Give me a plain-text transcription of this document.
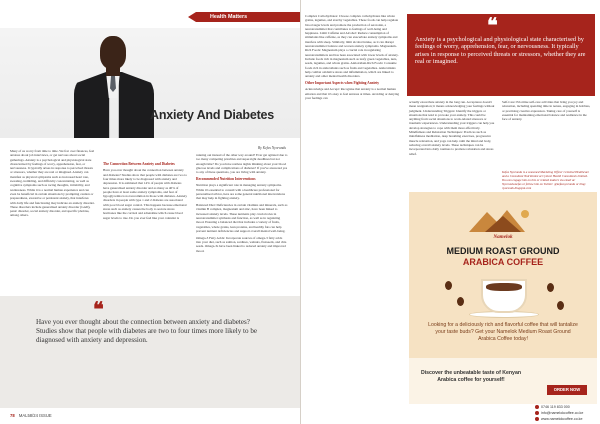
Health Matters
Anxiety And Diabetes
By Kefas Nyorundu

Many of us worry from time to time. We fret over finances, feel anxious about job interviews, or get nervous about social gatherings. Anxiety is a psychological and physiological state characterised by feelings of worry, apprehension, fear, or nervousness. It typically arises in response to perceived threats or stressors, whether they are real or imagined. Anxiety can manifest as physical symptoms such as increased heart rate, sweating, trembling, and difficulty concentrating, as well as cognitive symptoms such as racing thoughts, irritability, and restlessness. While it is a normal human experience and can even be beneficial in certain situations by prompting caution or preparedness, excessive or persistent anxiety, that interferes with daily life and functioning may indicate an anxiety disorder. These disorders include generalised anxiety disorder (GAD), panic disorder, social anxiety disorder, and specific phobias, among others.

The Connection Between Anxiety and Diabetes

Have you ever thought about the connection between anxiety and diabetes? Studies show that people with diabetes are two to four times more likely to be diagnosed with anxiety and depression. It is estimated that 14% of people with diabetes have generalised anxiety disorder and as many as 40% of people have at least some anxiety symptoms, and fear of hypoglycemia is not uncommon in those with diabetes. Anxiety disorders in people with type 1 and 2 diabetes are associated with poor blood sugar control. This happens because emotional stress such as anxiety causes the body to secrete stress hormones like the cortisol and adrenaline which cause blood sugar levels to rise. Do you ever feel like your calendar is

running out instead of the other way around? Ever get agitated due to too many competing priorities and super-tight deadlines but not enough time? Do you have restless nights thinking about your blood glucose levels and complications of diabetes? If you've answered yes to any of these questions, you are living with anxiety.

Recommended Nutrition Interventions

Nutrition plays a significant role in managing anxiety symptoms. While it's essential to consult with a healthcare professional for personalised advice, here are some general nutritional interventions that may help in fighting anxiety.

Balanced Diet: Deficiencies in certain vitamins and minerals, such as vitamin B complex, magnesium and zinc, have been linked to increased anxiety levels. These nutrients play crucial roles in neurotransmitter synthesis and function, as well as in regulating mood. Ensuring a balanced diet that includes a variety of fruits, vegetables, whole grains, lean proteins, and healthy fats can help prevent nutrient deficiencies and support overall mental well-being.

Omega-3 Fatty Acids: Incorporate sources of omega-3 fatty acids into your diet, such as salmon, sardines, walnuts, flaxseeds, and chia seeds. Omega-3s have been linked to reduced anxiety and improved mood.

❝
Have you ever thought about the connection between anxiety and diabetes? Studies show that people with diabetes are two to four times more likely to be diagnosed with anxiety and depression.
78 MAL58/24 ISSUE

Complex Carbohydrates: Choose complex carbohydrates like whole grains, legumes, and starchy vegetables. These foods can help regulate blood sugar levels and promote the production of serotonin, a neurotransmitter that contributes to feelings of well-being and happiness. Limit Caffeine and Alcohol: Reduce consumption of stimulants like caffeine, as they can exacerbate anxiety symptoms and interfere with sleep. Similarly, limit alcohol intake, as it can disrupt neurotransmitter balance and worsen anxiety symptoms. Magnesium-Rich Foods: Magnesium plays a crucial role in regulating neurotransmitters and has been associated with lower levels of anxiety. Include foods rich in magnesium such as leafy green vegetables, nuts, seeds, legumes, and whole grains. Antioxidant-Rich Foods: Consume foods rich in antioxidants such as fruits and vegetables. Antioxidants help combat oxidative stress and inflammation, which are linked to anxiety and other mental health disorders.

Other Important Aspects when Fighting Anxiety

Acknowledge and Accept: Recognise that anxiety is a normal human emotion and that it's okay to feel anxious at times. Avoiding or denying your feelings can

❝
Anxiety is a psychological and physiological state characterised by feelings of worry, apprehension, fear, or nervousness. It typically arises in response to perceived threats or stressors, whether they are real or imagined.

actually exacerbate anxiety in the long run. Acceptance doesn't mean resignation; it means acknowledging your feelings without judgment. Understanding Triggers: Identify the triggers or situations that tend to provoke your anxiety. This could be anything from social situations to work-related stressors or traumatic experiences. Understanding your triggers can help you develop strategies to cope with them more effectively. Mindfulness and Relaxation Techniques: Practices such as mindfulness meditation, deep breathing exercises, progressive muscle relaxation, and yoga can help calm the mind and body, reducing overall anxiety levels. These techniques can be incorporated into daily routines to promote relaxation and stress relief.

Self-Care: Prioritise self-care activities that bring you joy and relaxation, including spending time in nature, engaging in hobbies, or practising creative expression. Taking care of yourself is essential for maintaining emotional balance and resilience in the face of anxiety.

Kefas Nyorundu is a seasoned Marketing Officer Celestial Healthcare and a Consultant Nutritionist at Cynical Health Consultants Limited. You can engage him on this or related matters via email at: Nyorundu.kefas or follow him on Twitter: @kefasnyorundu or blog: nyorundu.blogspot.com
Namelok
MEDIUM ROAST GROUND
ARABICA COFFEE
Looking for a deliciously rich and flavorful coffee that will tantalize your taste buds? Get your Namelok Medium Roast Ground Arabica Coffee today!
Discover the unbeatable taste of Kenyan Arabica coffee for yourself!
ORDER NOW
0746 119 833 000
info@namelokcoffee.co.ke
www.namelokcoffee.co.ke
